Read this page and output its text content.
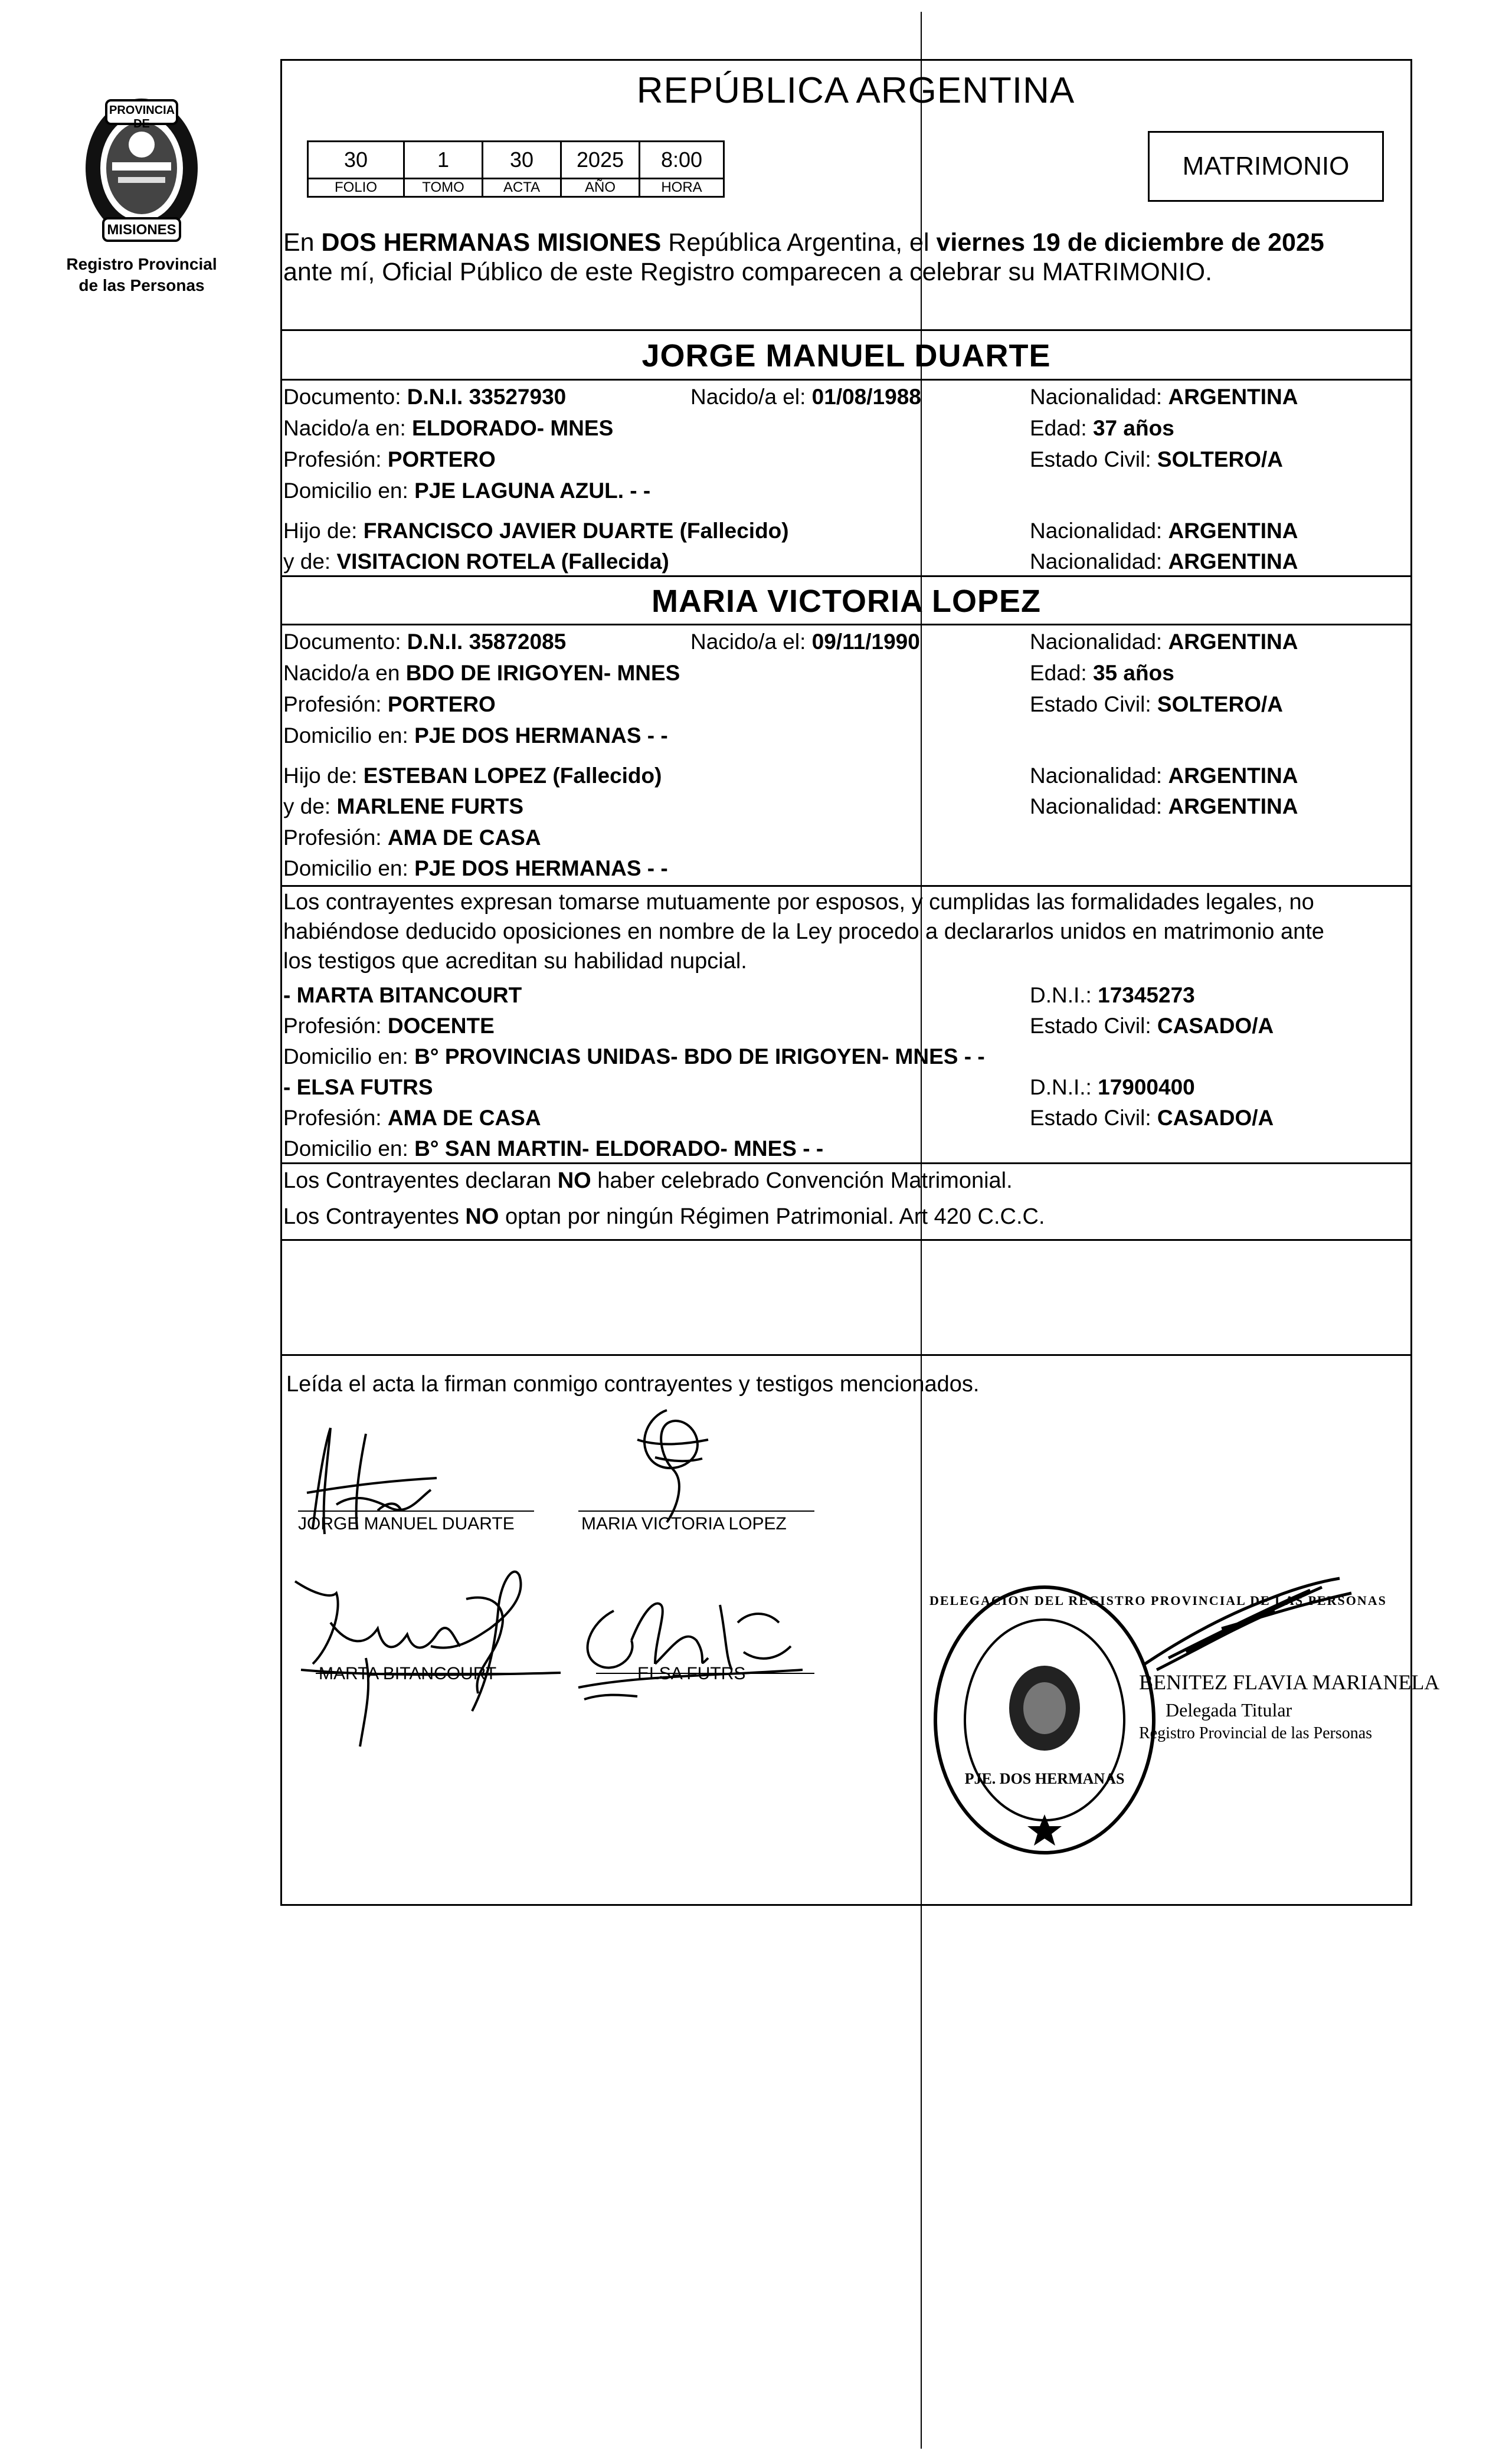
PROVINCIA DE
MISIONES
Registro Provincial
de las Personas
REPÚBLICA ARGENTINA
30	1	30	2025	8:00
FOLIO	TOMO	ACTA	AÑO	HORA
MATRIMONIO
En DOS HERMANAS MISIONES República Argentina, el viernes 19 de diciembre de 2025
ante mí, Oficial Público de este Registro comparecen a celebrar su MATRIMONIO.
JORGE MANUEL DUARTE
Documento: D.N.I. 33527930	Nacido/a el: 01/08/1988	Nacionalidad: ARGENTINA
Nacido/a en: ELDORADO- MNES	Edad: 37 años
Profesión: PORTERO	Estado Civil: SOLTERO/A
Domicilio en: PJE LAGUNA AZUL. - -
Hijo de: FRANCISCO JAVIER DUARTE (Fallecido)	Nacionalidad: ARGENTINA
y de: VISITACION ROTELA (Fallecida)	Nacionalidad: ARGENTINA
MARIA VICTORIA LOPEZ
Documento: D.N.I. 35872085	Nacido/a el: 09/11/1990	Nacionalidad: ARGENTINA
Nacido/a en BDO DE IRIGOYEN- MNES	Edad: 35 años
Profesión: PORTERO	Estado Civil: SOLTERO/A
Domicilio en: PJE DOS HERMANAS - -
Hijo de: ESTEBAN LOPEZ (Fallecido)	Nacionalidad: ARGENTINA
y de: MARLENE FURTS	Nacionalidad: ARGENTINA
Profesión: AMA DE CASA
Domicilio en: PJE DOS HERMANAS - -
Los contrayentes expresan tomarse mutuamente por esposos, y cumplidas las formalidades legales, no
habiéndose deducido oposiciones en nombre de la Ley procedo a declararlos unidos en matrimonio ante
los testigos que acreditan su habilidad nupcial.
- MARTA BITANCOURT	D.N.I.: 17345273
Profesión: DOCENTE	Estado Civil: CASADO/A
Domicilio en: B° PROVINCIAS UNIDAS- BDO DE IRIGOYEN- MNES - -
- ELSA FUTRS	D.N.I.: 17900400
Profesión: AMA DE CASA	Estado Civil: CASADO/A
Domicilio en: B° SAN MARTIN- ELDORADO- MNES - -
Los Contrayentes declaran NO haber celebrado Convención Matrimonial.
Los Contrayentes NO optan por ningún Régimen Patrimonial. Art 420 C.C.C.
Leída el acta la firman conmigo contrayentes y testigos mencionados.
JORGE MANUEL DUARTE	MARIA VICTORIA LOPEZ
MARTA BITANCOURT	ELSA FUTRS
DELEGACION DEL REGISTRO PROVINCIAL DE LAS PERSONAS
PJE. DOS HERMANAS
BENITEZ FLAVIA MARIANELA
Delegada Titular
Registro Provincial de las Personas
